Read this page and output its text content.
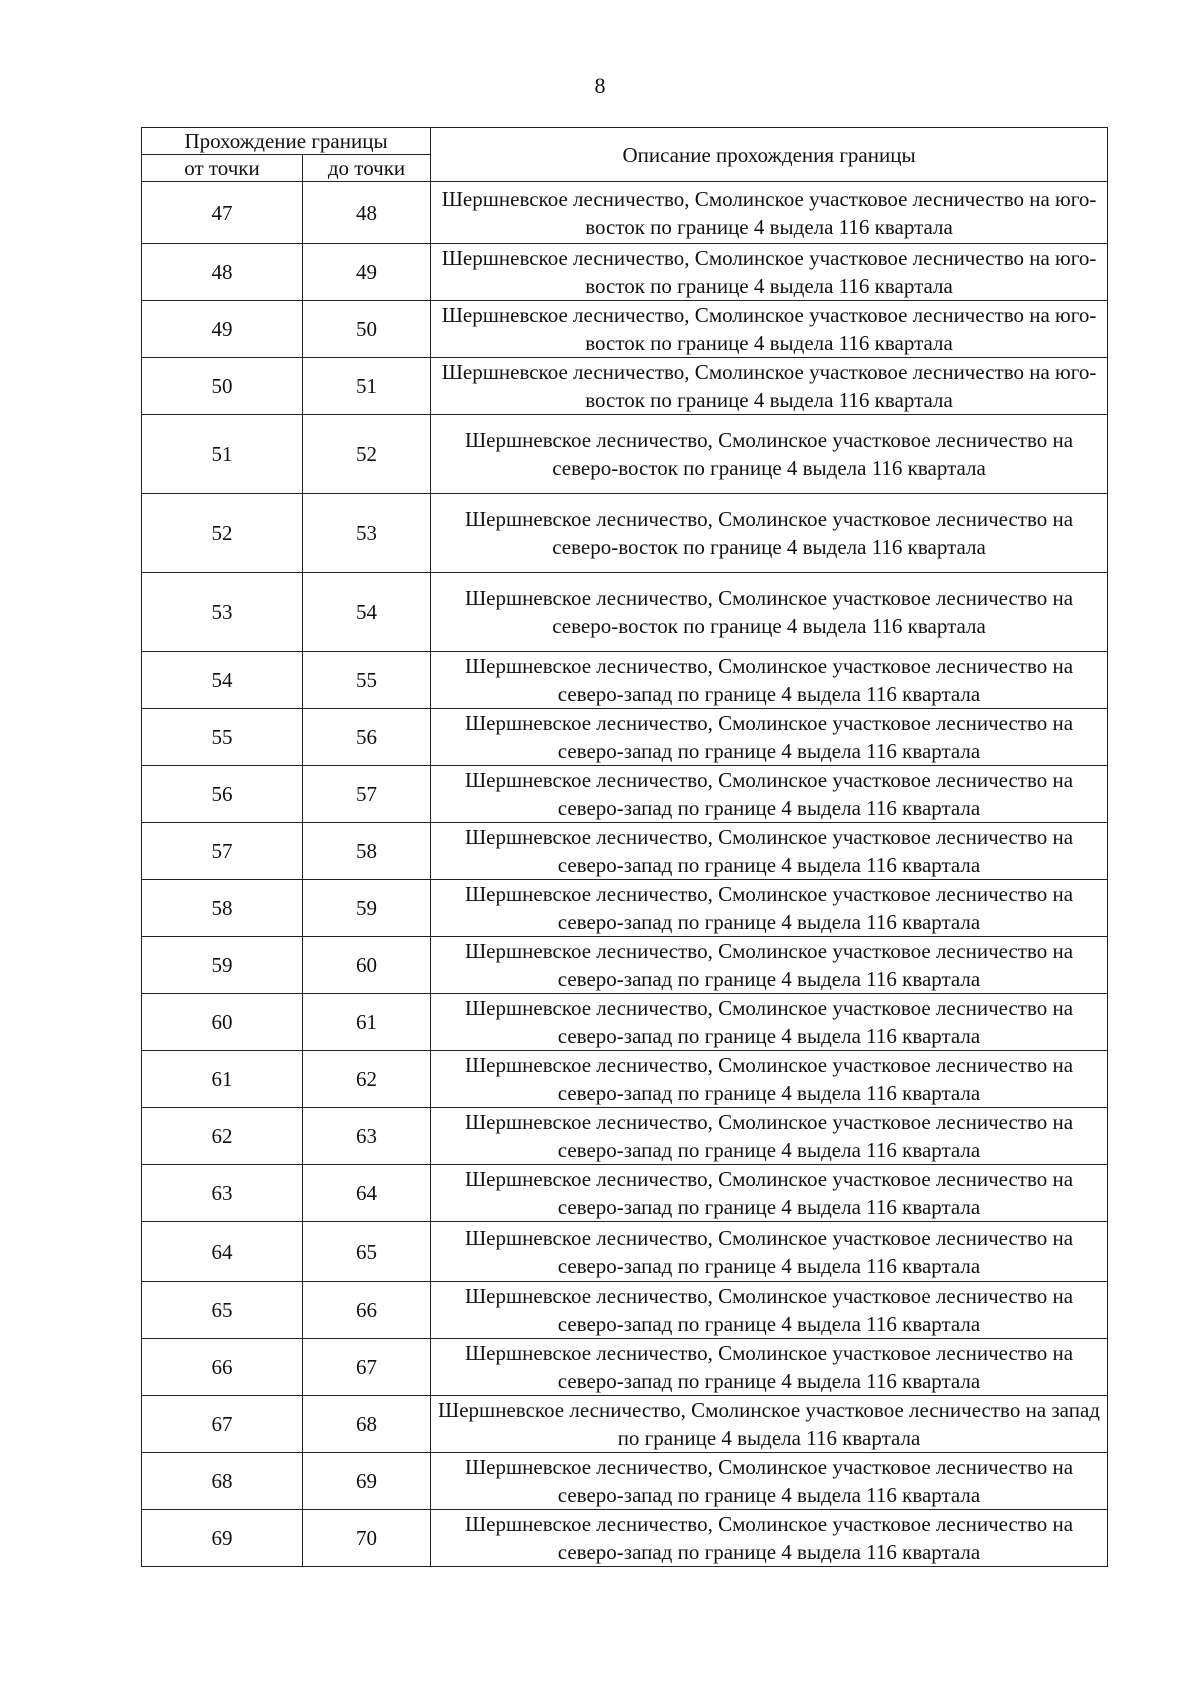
8
Прохождение границы		Описание прохождения границы
от точки	до точки	
47	48	Шершневское лесничество, Смолинское участковое лесничество на юго-восток по границе 4 выдела 116 квартала
48	49	Шершневское лесничество, Смолинское участковое лесничество на юго-восток по границе 4 выдела 116 квартала
49	50	Шершневское лесничество, Смолинское участковое лесничество на юго-восток по границе 4 выдела 116 квартала
50	51	Шершневское лесничество, Смолинское участковое лесничество на юго-восток по границе 4 выдела 116 квартала
51	52	Шершневское лесничество, Смолинское участковое лесничество на северо-восток по границе 4 выдела 116 квартала
52	53	Шершневское лесничество, Смолинское участковое лесничество на северо-восток по границе 4 выдела 116 квартала
53	54	Шершневское лесничество, Смолинское участковое лесничество на северо-восток по границе 4 выдела 116 квартала
54	55	Шершневское лесничество, Смолинское участковое лесничество на северо-запад по границе 4 выдела 116 квартала
55	56	Шершневское лесничество, Смолинское участковое лесничество на северо-запад по границе 4 выдела 116 квартала
56	57	Шершневское лесничество, Смолинское участковое лесничество на северо-запад по границе 4 выдела 116 квартала
57	58	Шершневское лесничество, Смолинское участковое лесничество на северо-запад по границе 4 выдела 116 квартала
58	59	Шершневское лесничество, Смолинское участковое лесничество на северо-запад по границе 4 выдела 116 квартала
59	60	Шершневское лесничество, Смолинское участковое лесничество на северо-запад по границе 4 выдела 116 квартала
60	61	Шершневское лесничество, Смолинское участковое лесничество на северо-запад по границе 4 выдела 116 квартала
61	62	Шершневское лесничество, Смолинское участковое лесничество на северо-запад по границе 4 выдела 116 квартала
62	63	Шершневское лесничество, Смолинское участковое лесничество на северо-запад по границе 4 выдела 116 квартала
63	64	Шершневское лесничество, Смолинское участковое лесничество на северо-запад по границе 4 выдела 116 квартала
64	65	Шершневское лесничество, Смолинское участковое лесничество на северо-запад по границе 4 выдела 116 квартала
65	66	Шершневское лесничество, Смолинское участковое лесничество на северо-запад по границе 4 выдела 116 квартала
66	67	Шершневское лесничество, Смолинское участковое лесничество на северо-запад по границе 4 выдела 116 квартала
67	68	Шершневское лесничество, Смолинское участковое лесничество на запад по границе 4 выдела 116 квартала
68	69	Шершневское лесничество, Смолинское участковое лесничество на северо-запад по границе 4 выдела 116 квартала
69	70	Шершневское лесничество, Смолинское участковое лесничество на северо-запад по границе 4 выдела 116 квартала
